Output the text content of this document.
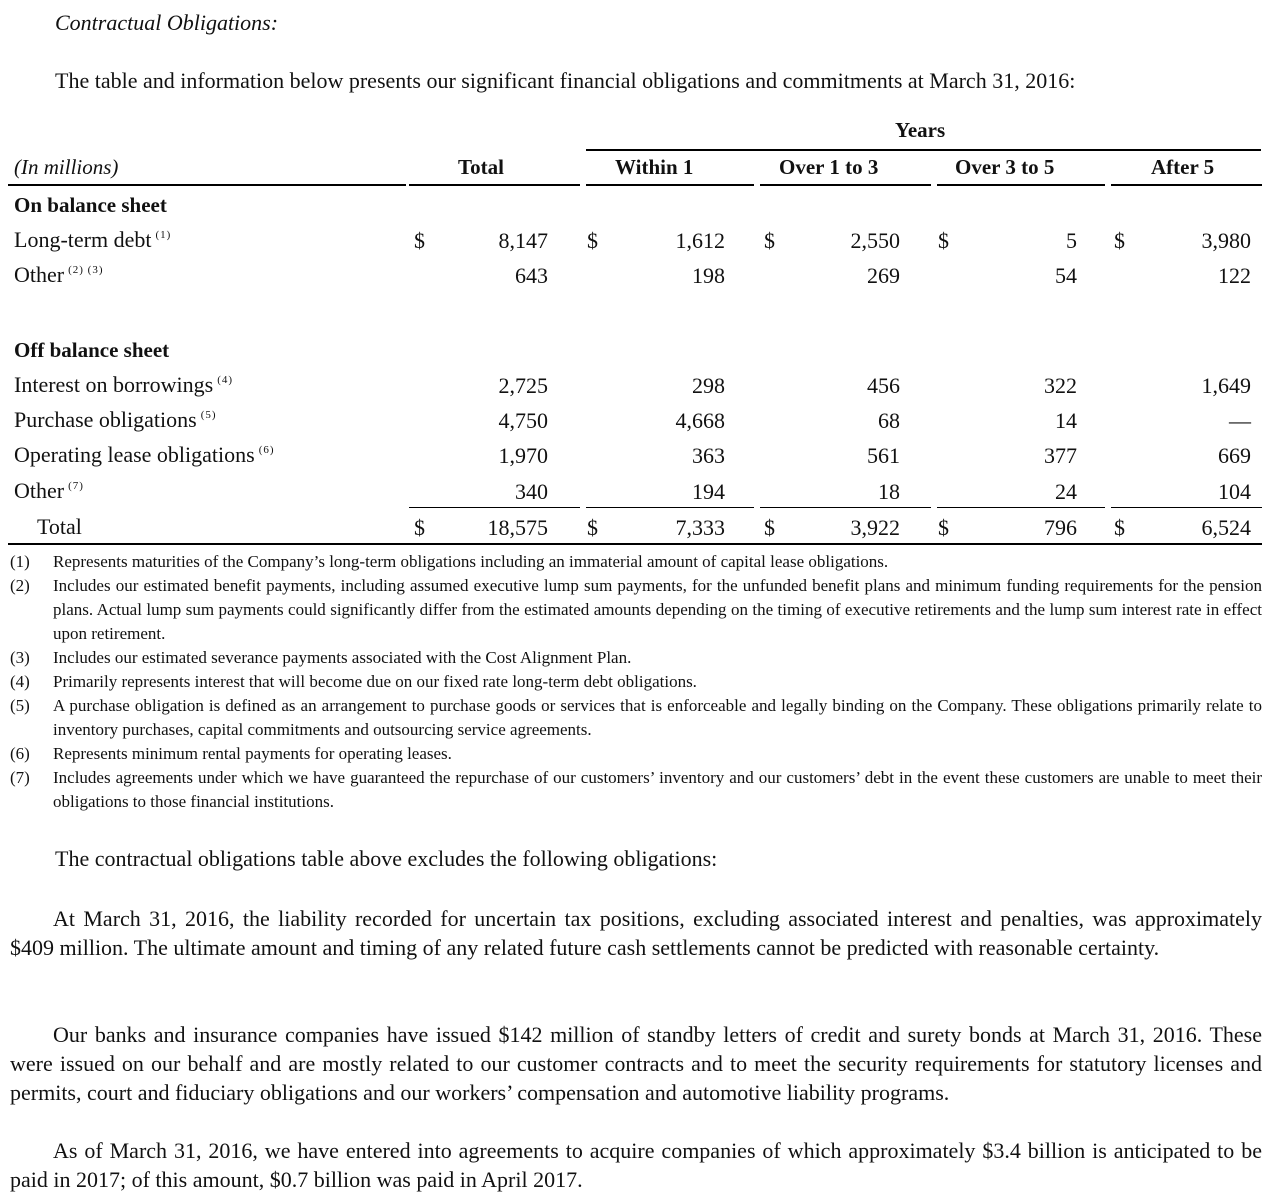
Contractual Obligations:
The table and information below presents our significant financial obligations and commitments at March 31, 2016:
Years
(In millions)	Total	Within 1	Over 1 to 3	Over 3 to 5	After 5
On balance sheet
Long-term debt $^{(1)}$	$	8,147 $	1,612 $	2,550 $	5 $	3,980
Other $^{(2) (3)}$	643	198	269	54	122
Off balance sheet
Interest on borrowings $^{(4)}$	2,725	298	456	322	1,649
Purchase obligations $^{(5)}$	4,750	4,668	68	14	—
Operating lease obligations $^{(6)}$	1,970	363	561	377	669
Other $^{(7)}$	340	194	18	24	104
Total	$	18,575 $	7,333 $	3,922 $	796 $	6,524
(1) Represents maturities of the Company’s long-term obligations including an immaterial amount of capital lease obligations.
(2) Includes our estimated benefit payments, including assumed executive lump sum payments, for the unfunded benefit plans and minimum funding requirements for the pension plans. Actual lump sum payments could significantly differ from the estimated amounts depending on the timing of executive retirements and the lump sum interest rate in effect upon retirement.
(3) Includes our estimated severance payments associated with the Cost Alignment Plan.
(4) Primarily represents interest that will become due on our fixed rate long-term debt obligations.
(5) A purchase obligation is defined as an arrangement to purchase goods or services that is enforceable and legally binding on the Company. These obligations primarily relate to inventory purchases, capital commitments and outsourcing service agreements.
(6) Represents minimum rental payments for operating leases.
(7) Includes agreements under which we have guaranteed the repurchase of our customers’ inventory and our customers’ debt in the event these customers are unable to meet their obligations to those financial institutions.
The contractual obligations table above excludes the following obligations:
At March 31, 2016, the liability recorded for uncertain tax positions, excluding associated interest and penalties, was approximately $409 million. The ultimate amount and timing of any related future cash settlements cannot be predicted with reasonable certainty.
Our banks and insurance companies have issued $142 million of standby letters of credit and surety bonds at March 31, 2016. These were issued on our behalf and are mostly related to our customer contracts and to meet the security requirements for statutory licenses and permits, court and fiduciary obligations and our workers’ compensation and automotive liability programs.
As of March 31, 2016, we have entered into agreements to acquire companies of which approximately $3.4 billion is anticipated to be paid in 2017; of this amount, $0.7 billion was paid in April 2017.
